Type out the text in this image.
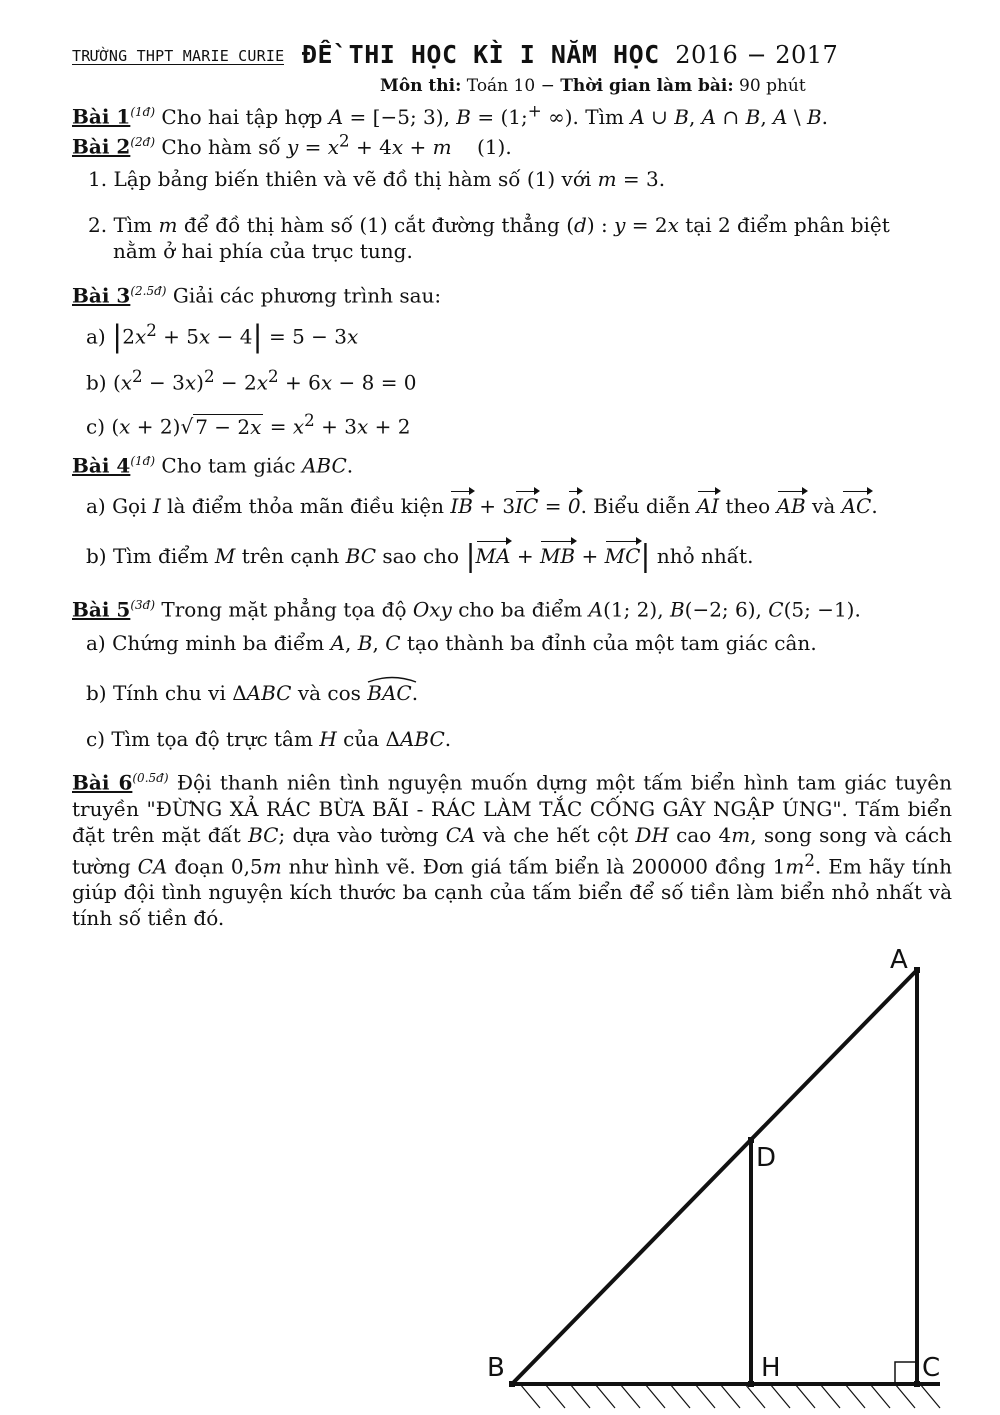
TRƯỜNG THPT MARIE CURIE ĐỀ THI HỌC KÌ I NĂM HỌC 2016 − 2017
Môn thi: Toán 10 − Thời gian làm bài: 90 phút
Bài $1^{(1đ)}$ Cho hai tập hợp A = [−5; 3), B = (1;+ ∞). Tìm A ∪ B, A ∩ B, A \ B.
Bài $2^{(2đ)}$ Cho hàm số $y = x^2 + 4x + m$    (1).
1. Lập bảng biến thiên và vẽ đồ thị hàm số (1) với m = 3.
2. Tìm m để đồ thị hàm số (1) cắt đường thẳng (d) : y = 2x tại 2 điểm phân biệt
nằm ở hai phía của trục tung.
Bài $3^{(2.5đ)}$ Giải các phương trình sau:
a) $|2x^2 + 5x - 4| = 5 - 3x$
b) $(x^2 - 3x)^2 - 2x^2 + 6x - 8 = 0$
c) (x + 2)√ $7 - 2x = x^2 + 3x + 2$
Bài $4^{(1đ)}$ Cho tam giác ABC.
a) Gọi I là điểm thỏa mãn điều kiện IB + 3IC = 0. Biểu diễn AI theo AB và AC.
b) Tìm điểm M trên cạnh BC sao cho |MA + MB + MC| nhỏ nhất.
Bài $5^{(3đ)}$ Trong mặt phẳng tọa độ Oxy cho ba điểm A(1; 2), B(−2; 6), C(5; −1).
a) Chứng minh ba điểm A, B, C tạo thành ba đỉnh của một tam giác cân.
b) Tính chu vi ΔABC và cos BAC
.
c) Tìm tọa độ trực tâm H của ΔABC.
Bài $6^{(0.5đ)}$ Đội thanh niên tình nguyện muốn dựng một tấm biển hình tam giác tuyên truyền "ĐỪNG XẢ RÁC BỪA BÃI - RÁC LÀM TẮC CỐNG GÂY NGẬP ÚNG". Tấm biển đặt trên mặt đất BC; dựa vào tường CA và che hết cột DH cao 4m, song song và cách tường CA đoạn 0,5m như hình vẽ. Đơn giá tấm biển là 200000 đồng $1m^2$. Em hãy tính giúp đội tình nguyện kích thước ba cạnh của tấm biển để số tiền làm biển nhỏ nhất và tính số tiền đó.
A
D
B	H	C
